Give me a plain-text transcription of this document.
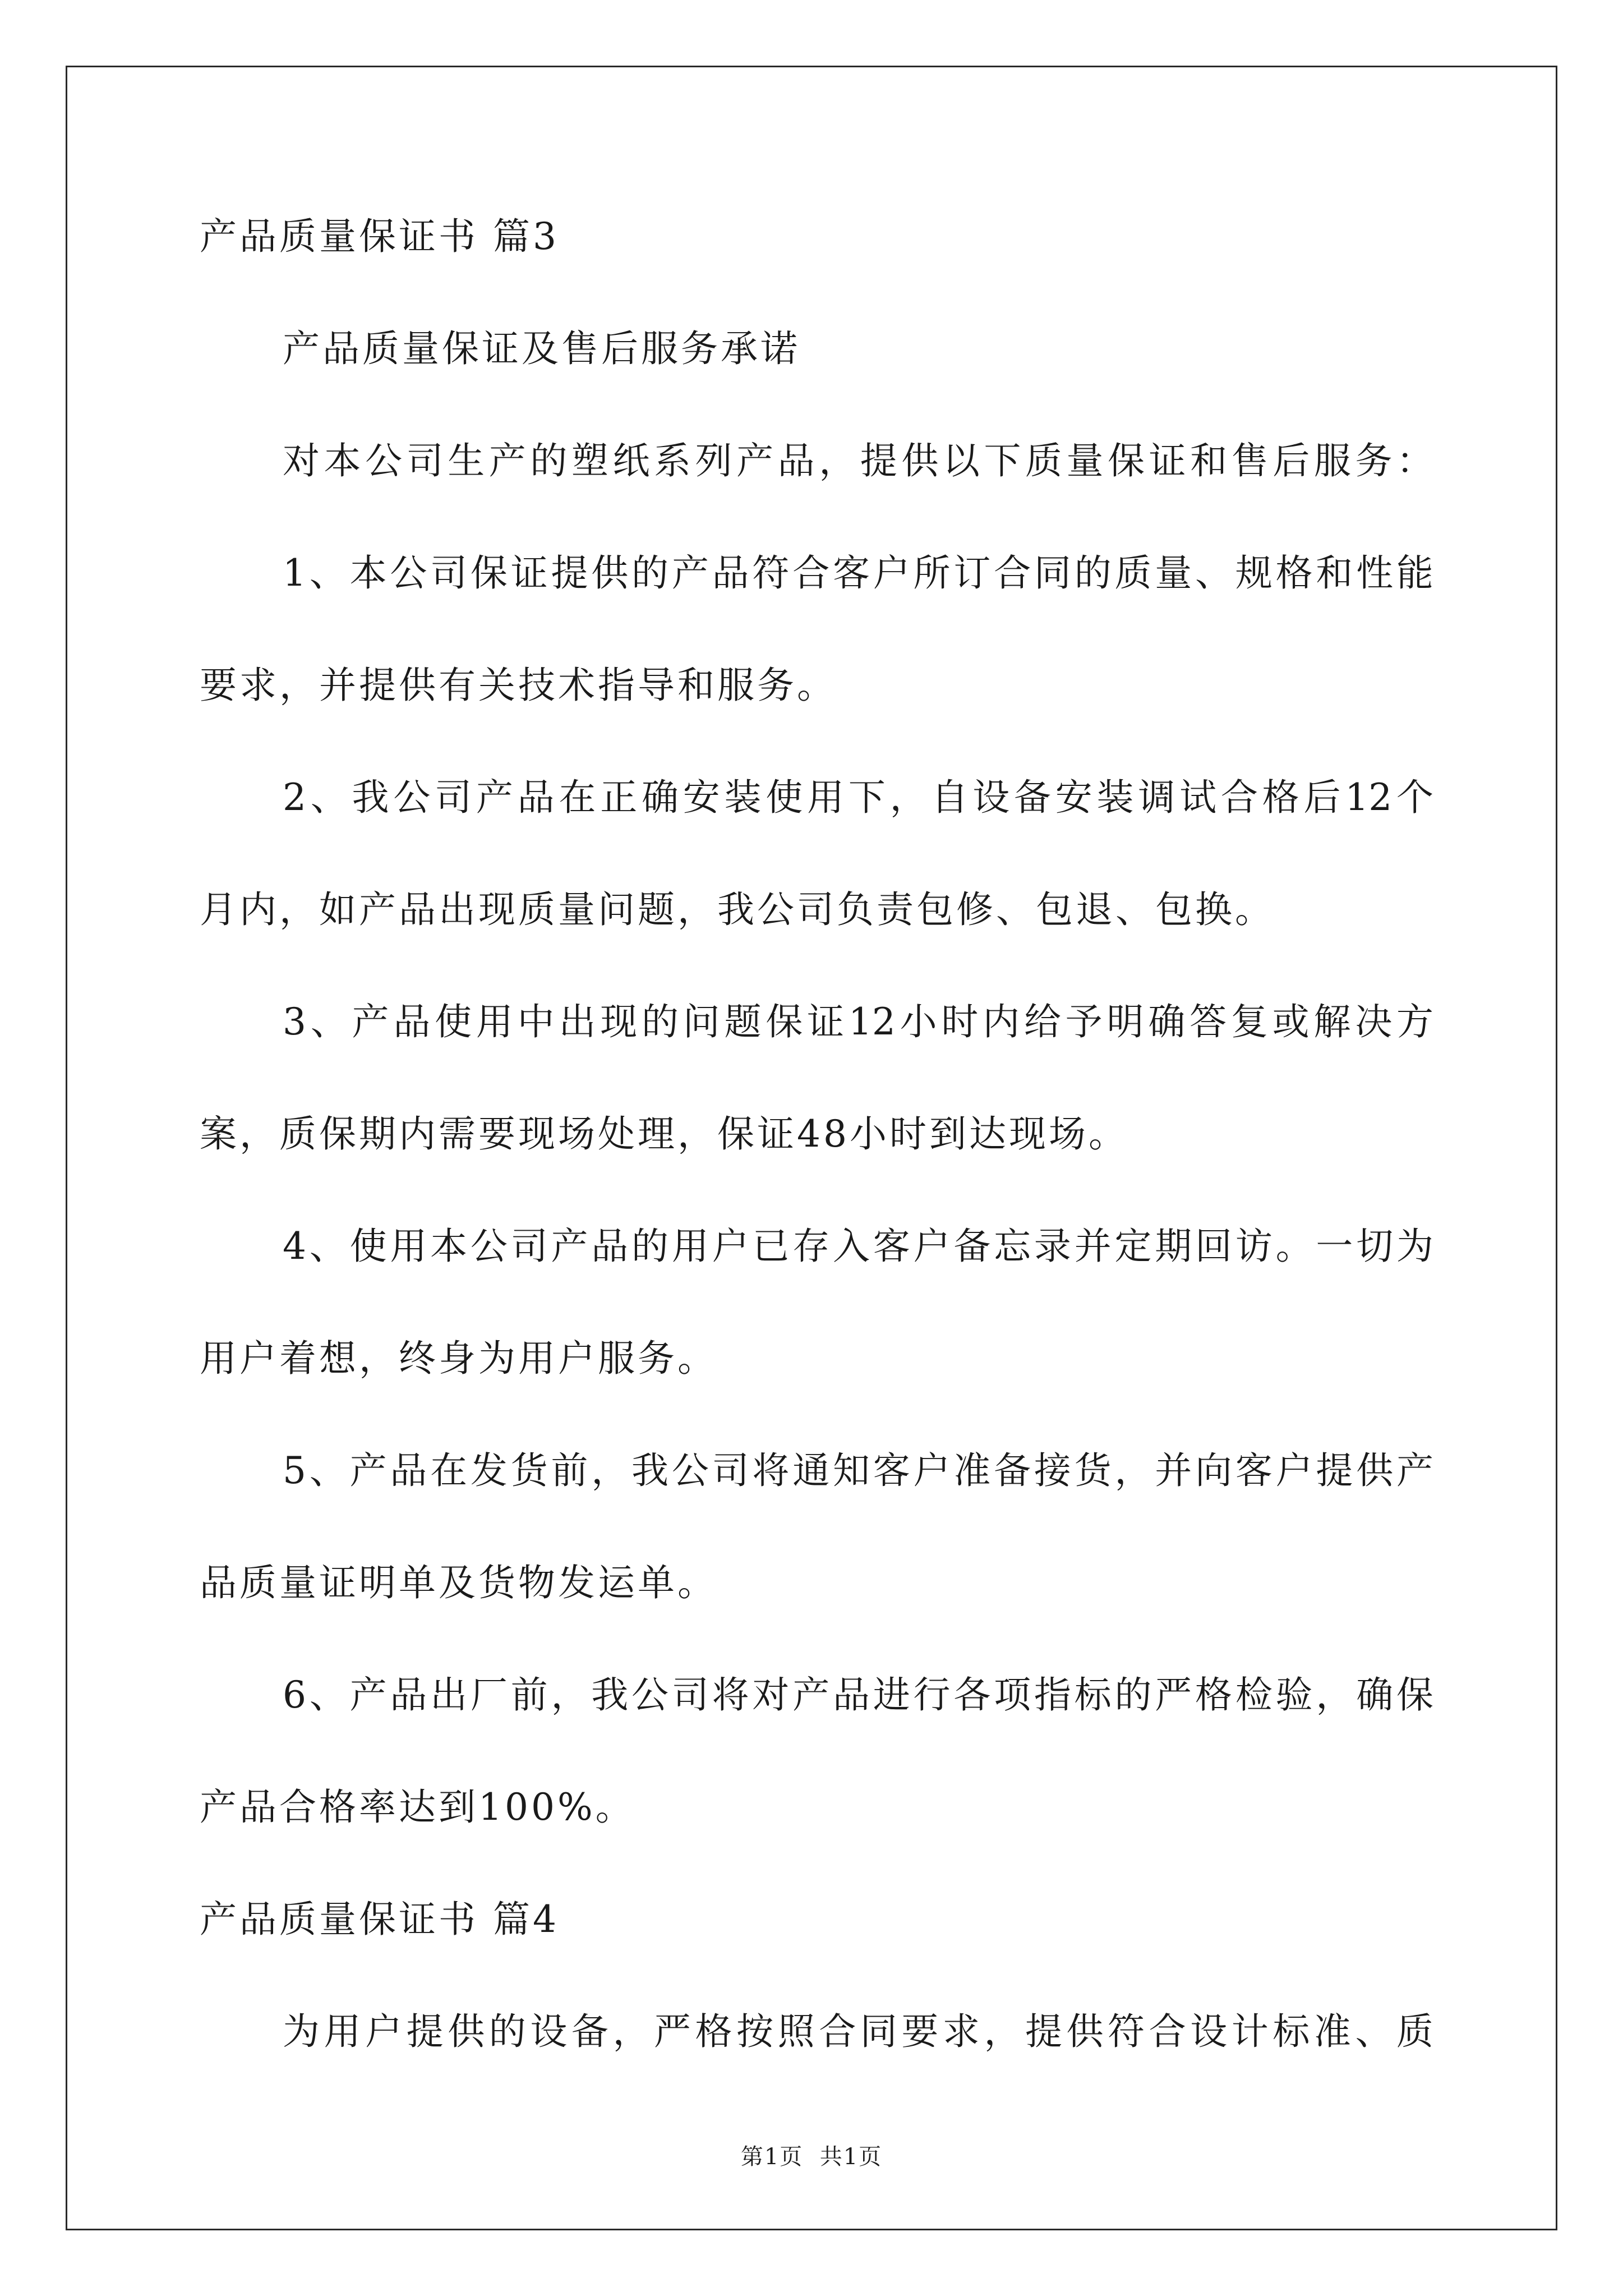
产品质量保证书 篇3
产品质量保证及售后服务承诺
对本公司生产的塑纸系列产品，提供以下质量保证和售后服务：
1、本公司保证提供的产品符合客户所订合同的质量、规格和性能
要求，并提供有关技术指导和服务。
2、我公司产品在正确安装使用下，自设备安装调试合格后12个
月内，如产品出现质量问题，我公司负责包修、包退、包换。
3、产品使用中出现的问题保证12小时内给予明确答复或解决方
案，质保期内需要现场处理，保证48小时到达现场。
4、使用本公司产品的用户已存入客户备忘录并定期回访。一切为
用户着想，终身为用户服务。
5、产品在发货前，我公司将通知客户准备接货，并向客户提供产
品质量证明单及货物发运单。
6、产品出厂前，我公司将对产品进行各项指标的严格检验，确保
产品合格率达到100%。
产品质量保证书 篇4
为用户提供的设备，严格按照合同要求，提供符合设计标准、质
第1页  共1页
